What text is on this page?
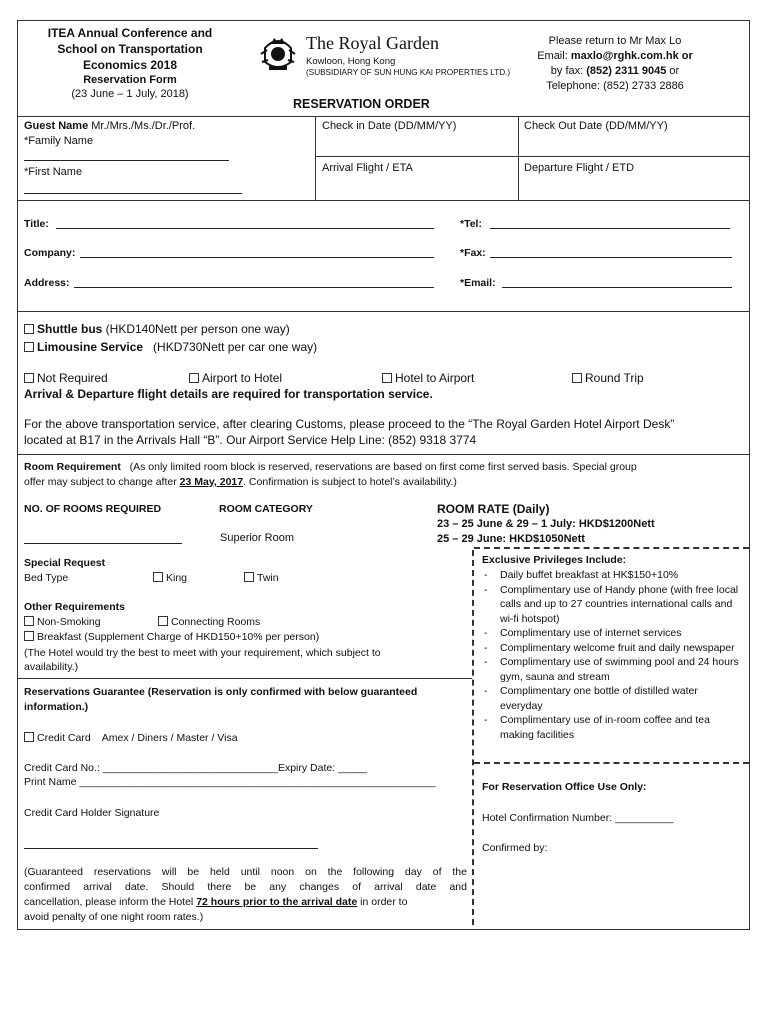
ITEA Annual Conference and
School on Transportation
Economics 2018
Reservation Form
(23 June – 1 July, 2018)
The Royal Garden
Kowloon, Hong Kong
(SUBSIDIARY OF SUN HUNG KAI PROPERTIES LTD.)
Please return to Mr Max Lo
Email: maxlo@rghk.com.hk or
by fax: (852) 2311 9045 or
Telephone: (852) 2733 2886
RESERVATION ORDER
Guest Name Mr./Mrs./Ms./Dr./Prof.
*Family Name
*First Name
Check in Date (DD/MM/YY)	Check Out Date (DD/MM/YY)
Arrival Flight / ETA	Departure Flight / ETD
Title:	*Tel:
Company:	*Fax:
Address:	*Email:
Shuttle bus (HKD140Nett per person one way)
Limousine Service   (HKD730Nett per car one way)
Not Required	Airport to Hotel	Hotel to Airport	Round Trip
Arrival & Departure flight details are required for transportation service.
For the above transportation service, after clearing Customs, please proceed to the “The Royal Garden Hotel Airport Desk”
located at B17 in the Arrivals Hall “B”. Our Airport Service Help Line: (852) 9318 3774
Room Requirement   (As only limited room block is reserved, reservations are based on first come first served basis. Special group
offer may subject to change after 23 May, 2017. Confirmation is subject to hotel’s availability.)
NO. OF ROOMS REQUIRED	ROOM CATEGORY	ROOM RATE (Daily)
Superior Room
23 – 25 June & 29 – 1 July: HKD$1200Nett
25 – 29 June: HKD$1050Nett
Special Request
Bed Type	King	Twin
Other Requirements
Non-Smoking	Connecting Rooms
Breakfast (Supplement Charge of HKD150+10% per person)
(The Hotel would try the best to meet with your requirement, which subject to
availability.)
Exclusive Privileges Include:
- Daily buffet breakfast at HK$150+10%
- Complimentary use of Handy phone (with free local calls and up to 27 countries international calls and wi-fi hotspot)
- Complimentary use of internet services
- Complimentary welcome fruit and daily newspaper
- Complimentary use of swimming pool and 24 hours gym, sauna and stream
- Complimentary one bottle of distilled water everyday
- Complimentary use of in-room coffee and tea making facilities
For Reservation Office Use Only:
Hotel Confirmation Number: __________
Confirmed by:
Reservations Guarantee (Reservation is only confirmed with below guaranteed
information.)
Credit Card    Amex / Diners / Master / Visa
Credit Card No.: ______________________________Expiry Date: _____
Print Name _____________________________________________________________
Credit Card Holder Signature
(Guaranteed reservations will be held until noon on the following day of the
confirmed arrival date. Should there be any changes of arrival date and
cancellation, please inform the Hotel 72 hours prior to the arrival date in order to
avoid penalty of one night room rates.)
